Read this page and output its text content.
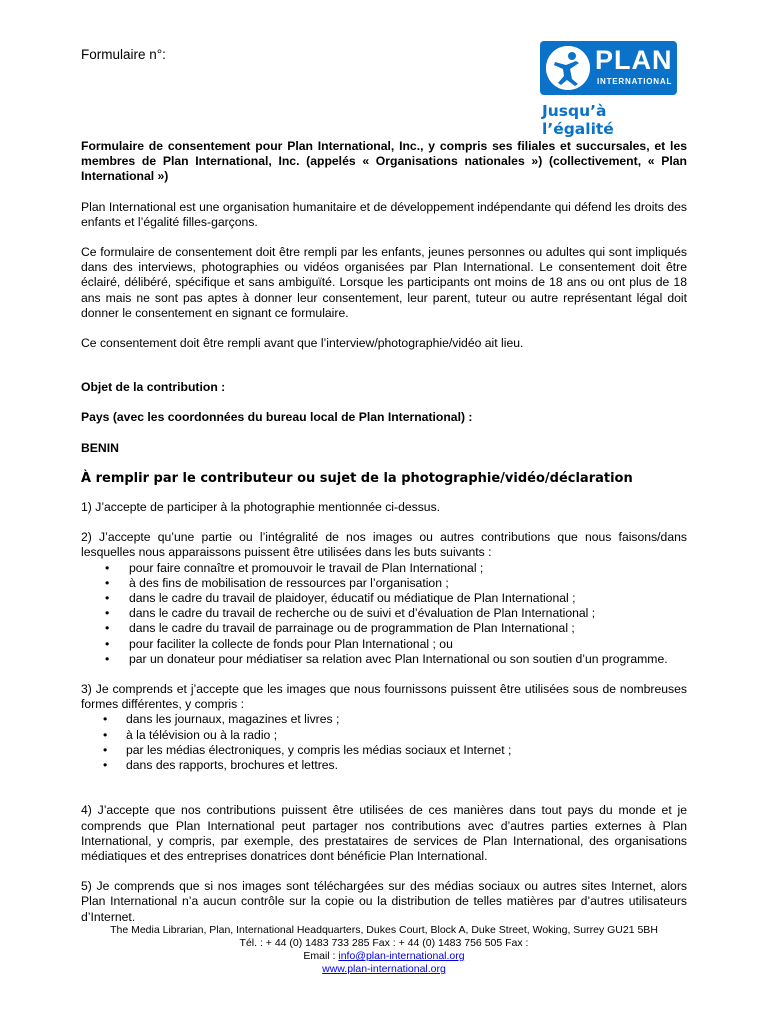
Formulaire n°:	PLAN
INTERNATIONAL
Jusqu’à l’égalité

Formulaire de consentement pour Plan International, Inc., y compris ses filiales et succursales, et les membres de Plan International, Inc. (appelés « Organisations nationales ») (collectivement, « Plan International »)

Plan International est une organisation humanitaire et de développement indépendante qui défend les droits des enfants et l’égalité filles-garçons.

Ce formulaire de consentement doit être rempli par les enfants, jeunes personnes ou adultes qui sont impliqués dans des interviews, photographies ou vidéos organisées par Plan International. Le consentement doit être éclairé, délibéré, spécifique et sans ambiguïté. Lorsque les participants ont moins de 18 ans ou ont plus de 18 ans mais ne sont pas aptes à donner leur consentement, leur parent, tuteur ou autre représentant légal doit donner le consentement en signant ce formulaire.

Ce consentement doit être rempli avant que l’interview/photographie/vidéo ait lieu.

Objet de la contribution :

Pays (avec les coordonnées du bureau local de Plan International) :

BENIN

À remplir par le contributeur ou sujet de la photographie/vidéo/déclaration

1) J’accepte de participer à la photographie mentionnée ci-dessus.

2) J’accepte qu’une partie ou l’intégralité de nos images ou autres contributions que nous faisons/dans lesquelles nous apparaissons puissent être utilisées dans les buts suivants :

• pour faire connaître et promouvoir le travail de Plan International ;
• à des fins de mobilisation de ressources par l’organisation ;
• dans le cadre du travail de plaidoyer, éducatif ou médiatique de Plan International ;
• dans le cadre du travail de recherche ou de suivi et d’évaluation de Plan International ;
• dans le cadre du travail de parrainage ou de programmation de Plan International ;
• pour faciliter la collecte de fonds pour Plan International ; ou
• par un donateur pour médiatiser sa relation avec Plan International ou son soutien d’un programme.

3) Je comprends et j’accepte que les images que nous fournissons puissent être utilisées sous de nombreuses formes différentes, y compris :

• dans les journaux, magazines et livres ;
• à la télévision ou à la radio ;
• par les médias électroniques, y compris les médias sociaux et Internet ;
• dans des rapports, brochures et lettres.

4) J’accepte que nos contributions puissent être utilisées de ces manières dans tout pays du monde et je comprends que Plan International peut partager nos contributions avec d’autres parties externes à Plan International, y compris, par exemple, des prestataires de services de Plan International, des organisations médiatiques et des entreprises donatrices dont bénéficie Plan International.

5) Je comprends que si nos images sont téléchargées sur des médias sociaux ou autres sites Internet, alors Plan International n’a aucun contrôle sur la copie ou la distribution de telles matières par d’autres utilisateurs d’Internet.

The Media Librarian, Plan, International Headquarters, Dukes Court, Block A, Duke Street, Woking, Surrey GU21 5BH
Tél. : + 44 (0) 1483 733 285 Fax : + 44 (0) 1483 756 505 Fax :
Email : info@plan-international.org
www.plan-international.org
